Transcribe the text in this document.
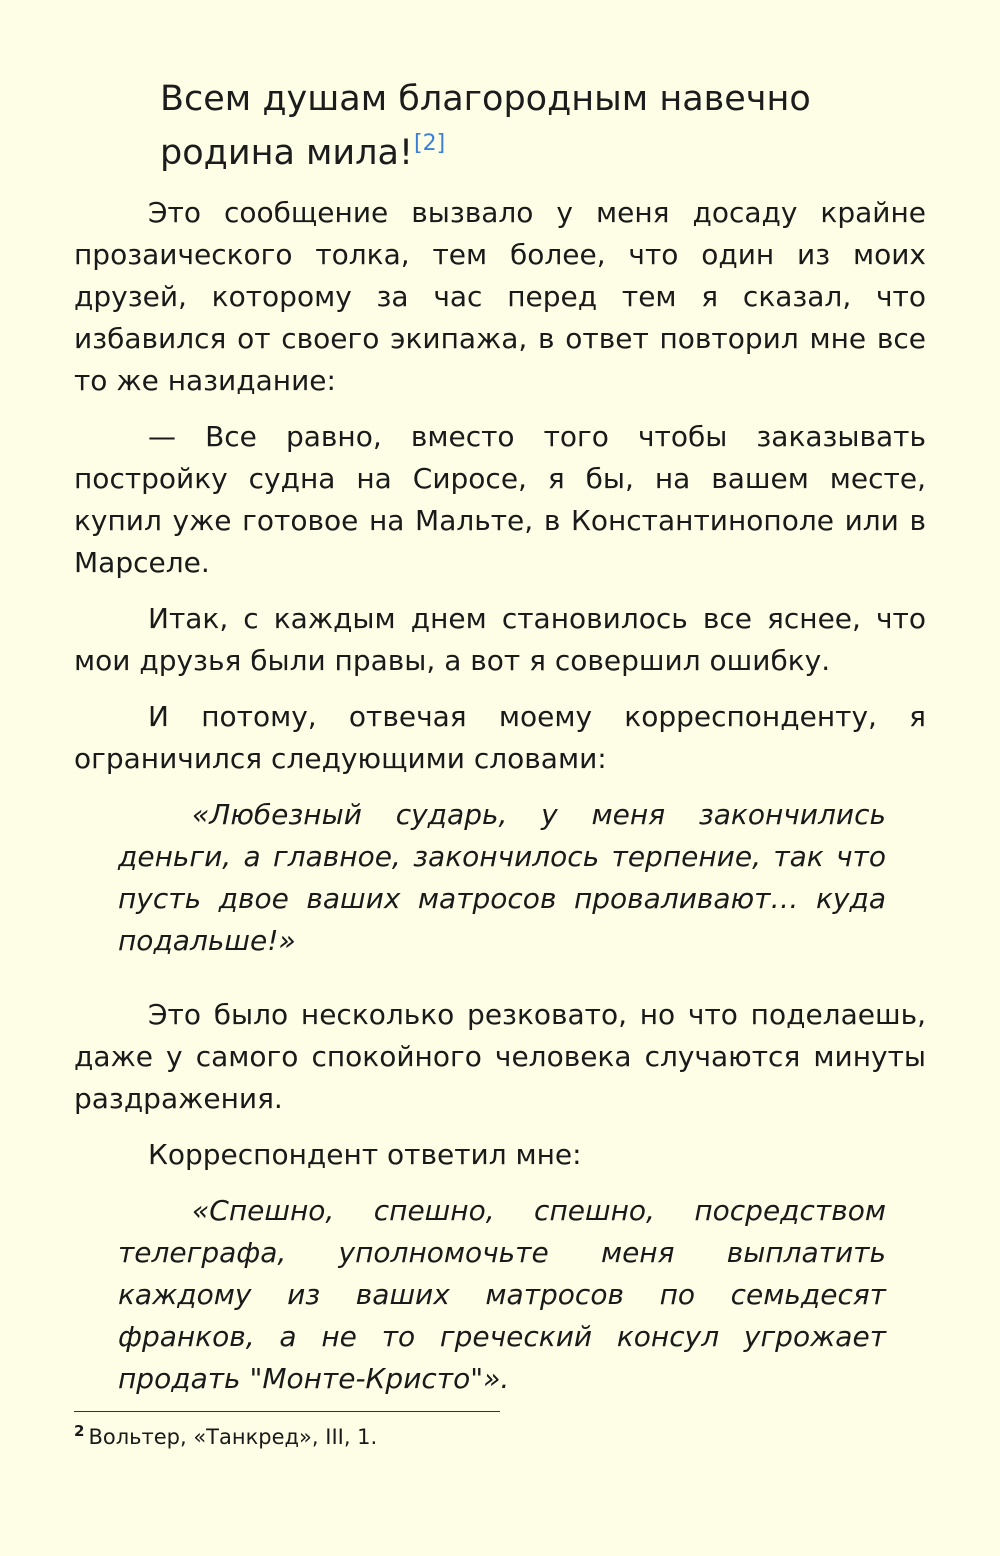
Всем душам благородным навечно родина мила![2]

Это сообщение вызвало у меня досаду крайне прозаического толка, тем более, что один из моих друзей, которому за час перед тем я сказал, что избавился от своего экипажа, в ответ повторил мне все то же назидание:

— Все равно, вместо того чтобы заказывать постройку судна на Сиросе, я бы, на вашем месте, купил уже готовое на Мальте, в Константинополе или в Марселе.

Итак, с каждым днем становилось все яснее, что мои друзья были правы, а вот я совершил ошибку.

И потому, отвечая моему корреспонденту, я ограничился следующими словами:

«Любезный сударь, у меня закончились деньги, а главное, закончилось терпение, так что пусть двое ваших матросов проваливают… куда подальше!»

Это было несколько резковато, но что поделаешь, даже у самого спокойного человека случаются минуты раздражения.

Корреспондент ответил мне:

«Спешно, спешно, спешно, посредством телеграфа, уполномочьте меня выплатить каждому из ваших матросов по семьдесят франков, а не то греческий консул угрожает продать "Монте-Кристо"».

$^2$ Вольтер, «Танкред», III, 1.
